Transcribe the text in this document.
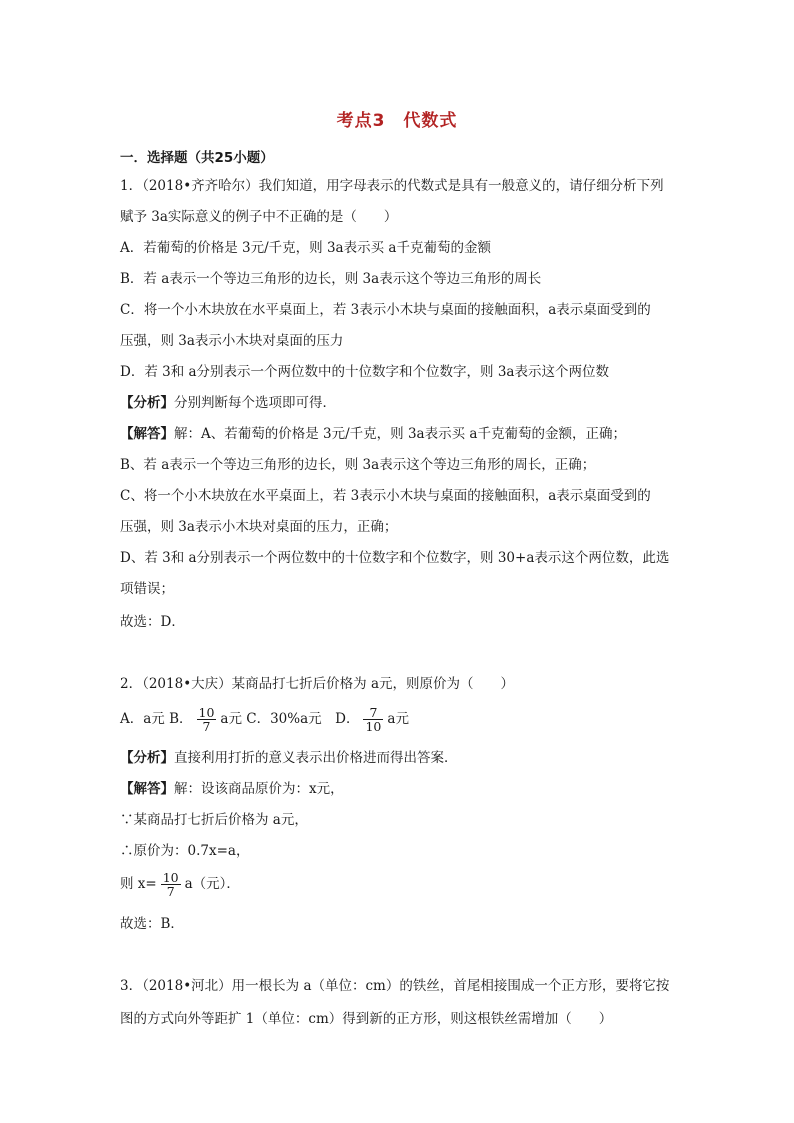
考点3　代数式
一．选择题（共25小题）
1．（2018•齐齐哈尔）我们知道，用字母表示的代数式是具有一般意义的，请仔细分析下列
赋予 3a实际意义的例子中不正确的是（　　）
A．若葡萄的价格是 3元/千克，则 3a表示买 a千克葡萄的金额
B．若 a表示一个等边三角形的边长，则 3a表示这个等边三角形的周长
C．将一个小木块放在水平桌面上，若 3表示小木块与桌面的接触面积，a表示桌面受到的
压强，则 3a表示小木块对桌面的压力
D．若 3和 a分别表示一个两位数中的十位数字和个位数字，则 3a表示这个两位数
【分析】分别判断每个选项即可得．
【解答】解：A、若葡萄的价格是 3元/千克，则 3a表示买 a千克葡萄的金额，正确；
B、若 a表示一个等边三角形的边长，则 3a表示这个等边三角形的周长，正确；
C、将一个小木块放在水平桌面上，若 3表示小木块与桌面的接触面积，a表示桌面受到的
压强，则 3a表示小木块对桌面的压力，正确；
D、若 3和 a分别表示一个两位数中的十位数字和个位数字，则 30+a表示这个两位数，此选
项错误；
故选：D．
2．（2018•大庆）某商品打七折后价格为 a元，则原价为（　　）
A．a元 B． $\frac{10}{7}$ a元 C．30%a元　D． $\frac{7}{10}$ a元
【分析】直接利用打折的意义表示出价格进而得出答案．
【解答】解：设该商品原价为：x元，
∵某商品打七折后价格为 a元，
∴原价为：0.7x=a，
则 $x= \frac{10}{7} a$（元）．
故选：B．
3．（2018•河北）用一根长为 a（单位：cm）的铁丝，首尾相接围成一个正方形，要将它按
图的方式向外等距扩 1（单位：cm）得到新的正方形，则这根铁丝需增加（　　）
